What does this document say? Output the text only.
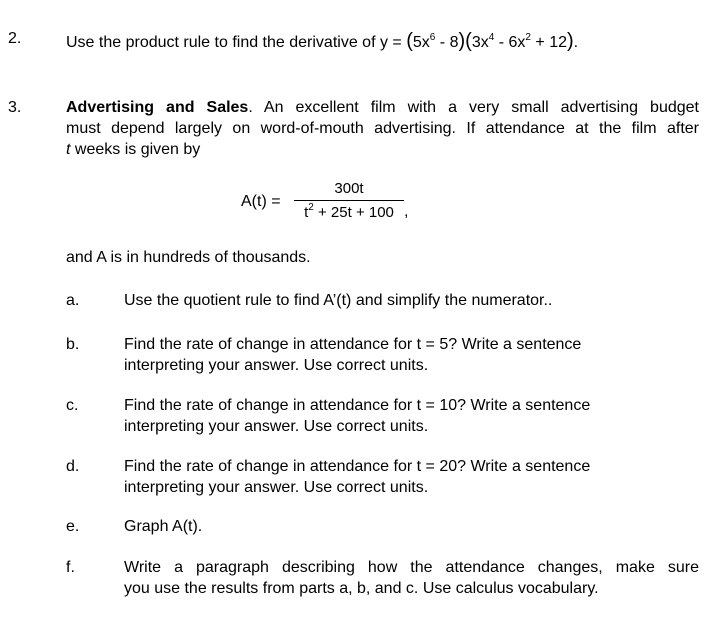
2.	Use the product rule to find the derivative of $y = (5x^6 - 8)(3x^4 - 6x^2 + 12)$.
3.	Advertising and Sales. An excellent film with a very small advertising budget
must depend largely on word-of-mouth advertising. If attendance at the film after
t weeks is given by
A(t) =
300t
$t^2 + 25t + 100$ ,
and A is in hundreds of thousands.
a.	Use the quotient rule to find A’(t) and simplify the numerator..
b.	Find the rate of change in attendance for t = 5? Write a sentence
interpreting your answer. Use correct units.
c.	Find the rate of change in attendance for t = 10? Write a sentence
interpreting your answer. Use correct units.
d.	Find the rate of change in attendance for t = 20? Write a sentence
interpreting your answer. Use correct units.
e.	Graph A(t).
f.	Write a paragraph describing how the attendance changes, make sure
you use the results from parts a, b, and c. Use calculus vocabulary.
